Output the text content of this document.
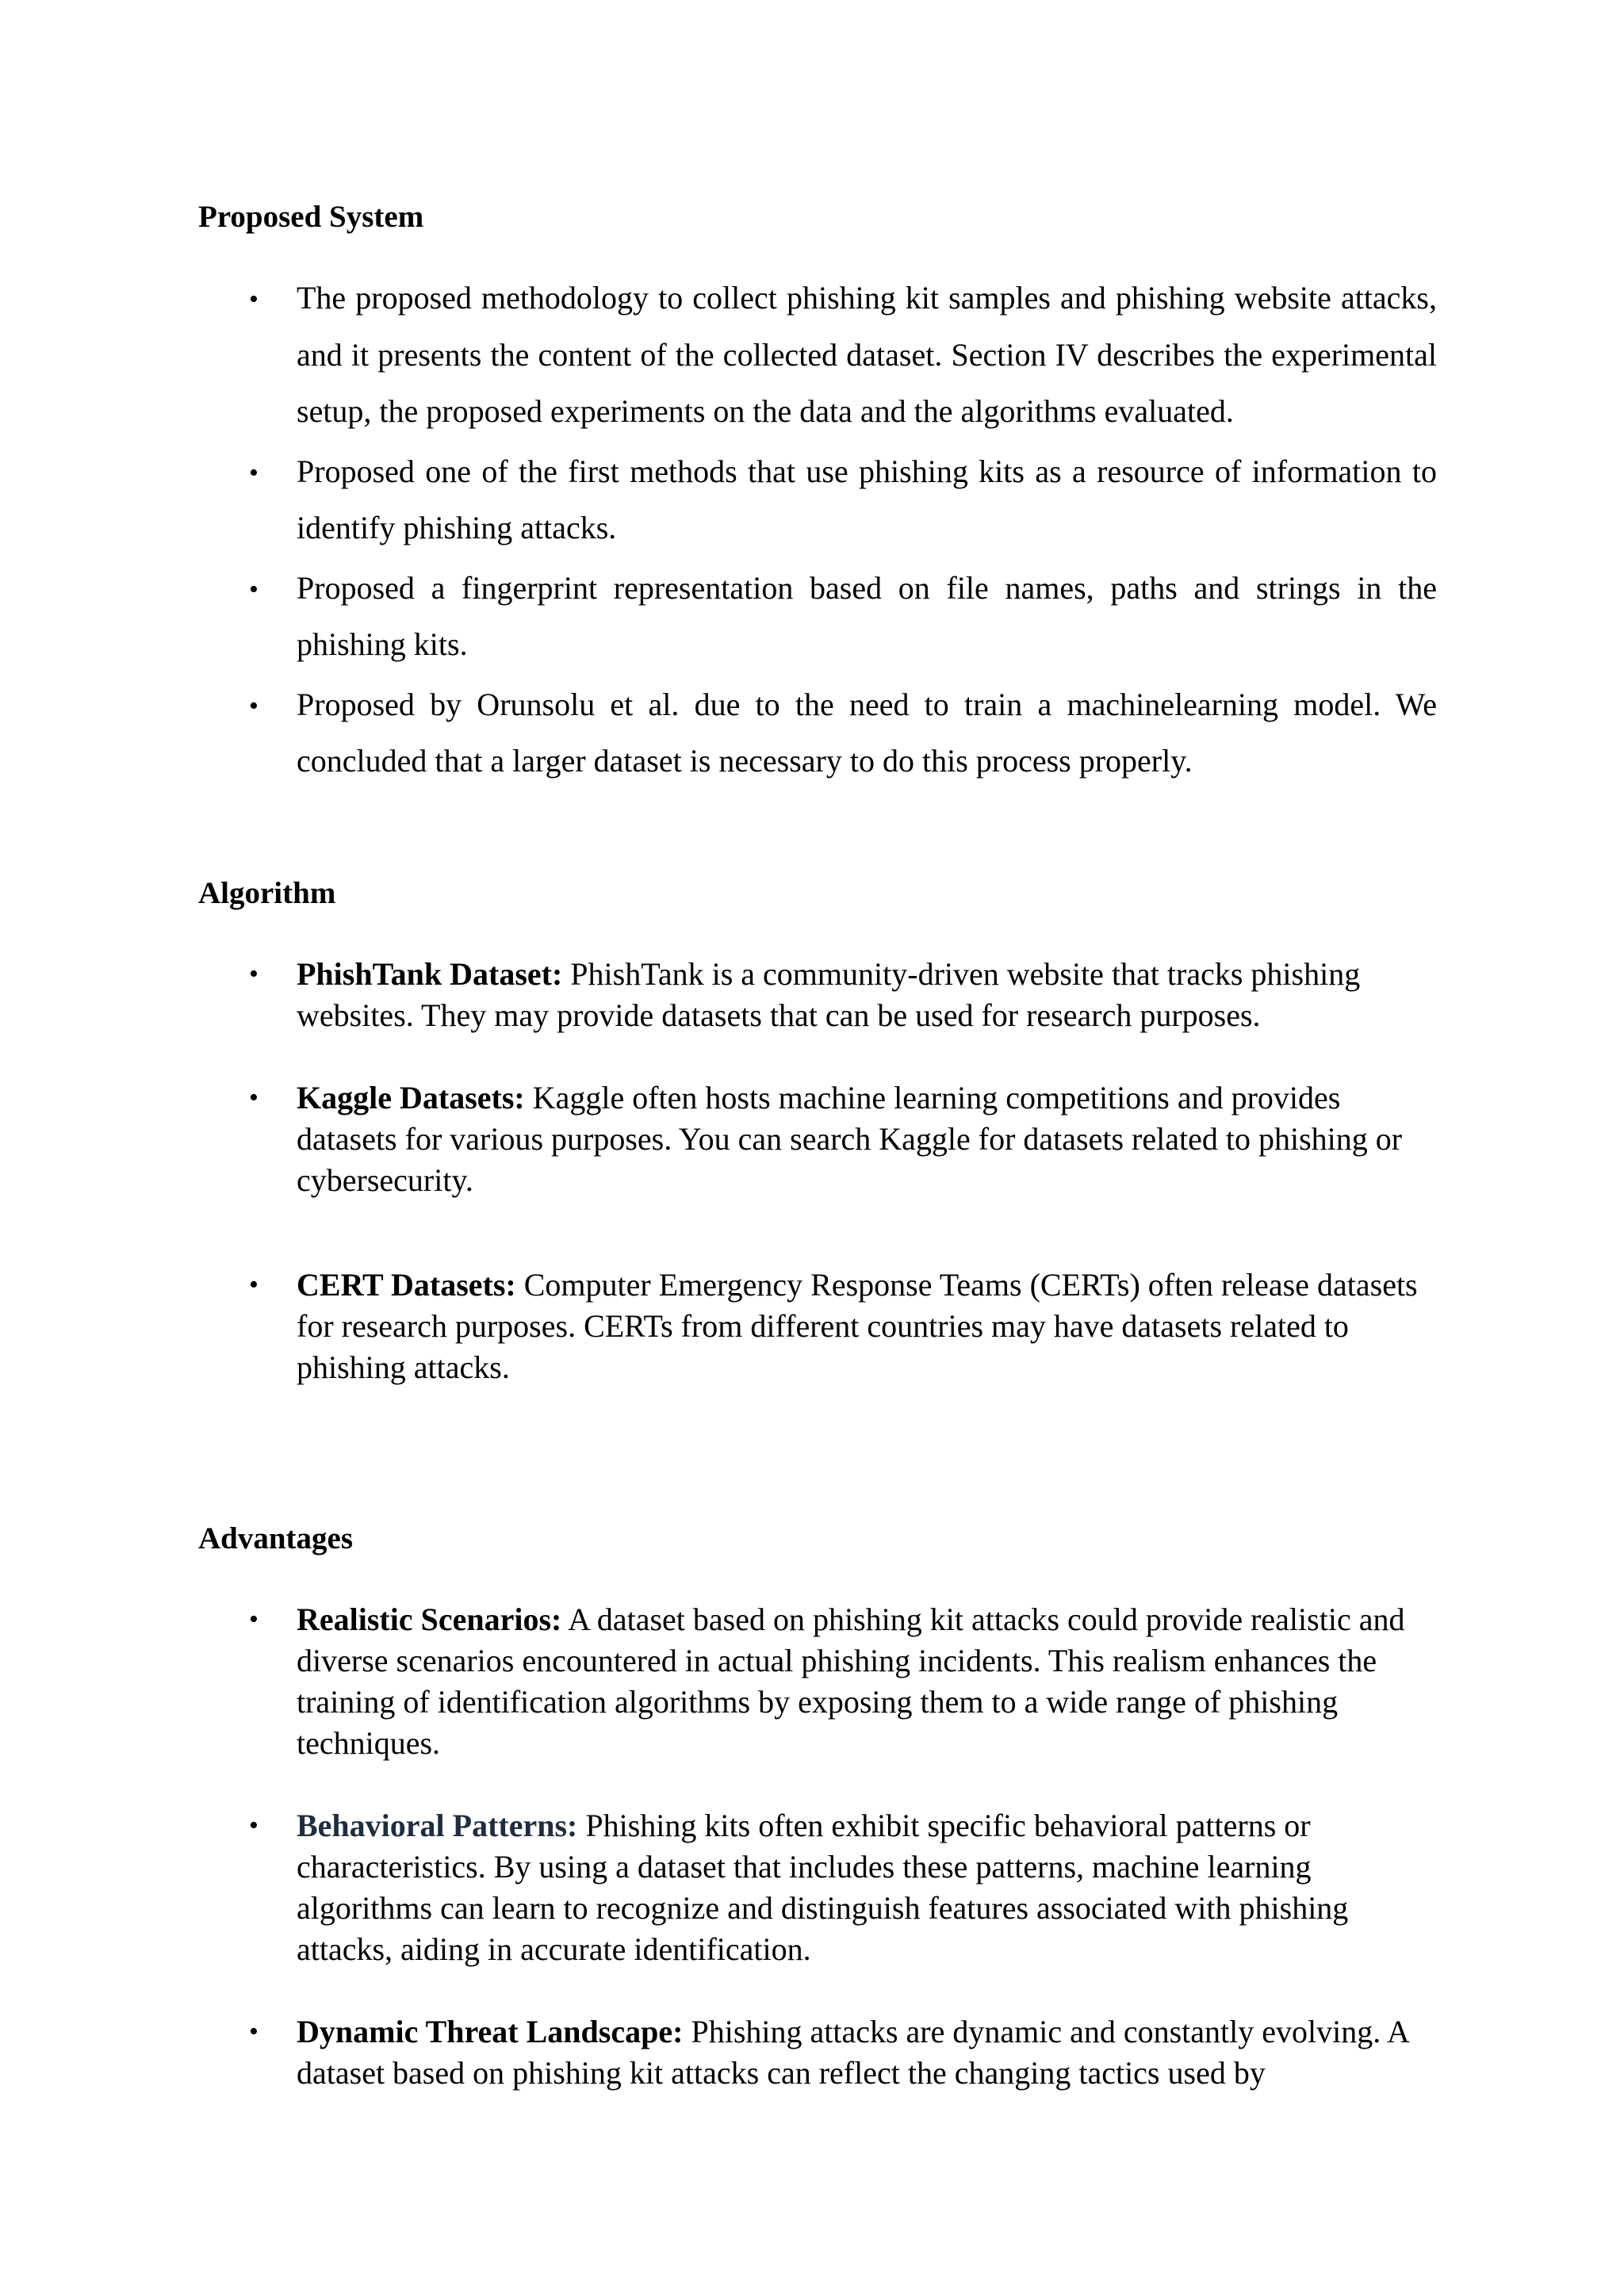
Proposed System

• The proposed methodology to collect phishing kit samples and phishing website attacks, and it presents the content of the collected dataset. Section IV describes the experimental setup, the proposed experiments on the data and the algorithms evaluated.
• Proposed one of the first methods that use phishing kits as a resource of information to identify phishing attacks.
• Proposed a fingerprint representation based on file names, paths and strings in the phishing kits.
• Proposed by Orunsolu et al. due to the need to train a machinelearning model. We concluded that a larger dataset is necessary to do this process properly.

Algorithm

• PhishTank Dataset: PhishTank is a community-driven website that tracks phishing websites. They may provide datasets that can be used for research purposes.
• Kaggle Datasets: Kaggle often hosts machine learning competitions and provides datasets for various purposes. You can search Kaggle for datasets related to phishing or cybersecurity.
• CERT Datasets: Computer Emergency Response Teams (CERTs) often release datasets for research purposes. CERTs from different countries may have datasets related to phishing attacks.

Advantages

• Realistic Scenarios: A dataset based on phishing kit attacks could provide realistic and diverse scenarios encountered in actual phishing incidents. This realism enhances the training of identification algorithms by exposing them to a wide range of phishing techniques.
• Behavioral Patterns: Phishing kits often exhibit specific behavioral patterns or characteristics. By using a dataset that includes these patterns, machine learning algorithms can learn to recognize and distinguish features associated with phishing attacks, aiding in accurate identification.
• Dynamic Threat Landscape: Phishing attacks are dynamic and constantly evolving. A dataset based on phishing kit attacks can reflect the changing tactics used by
